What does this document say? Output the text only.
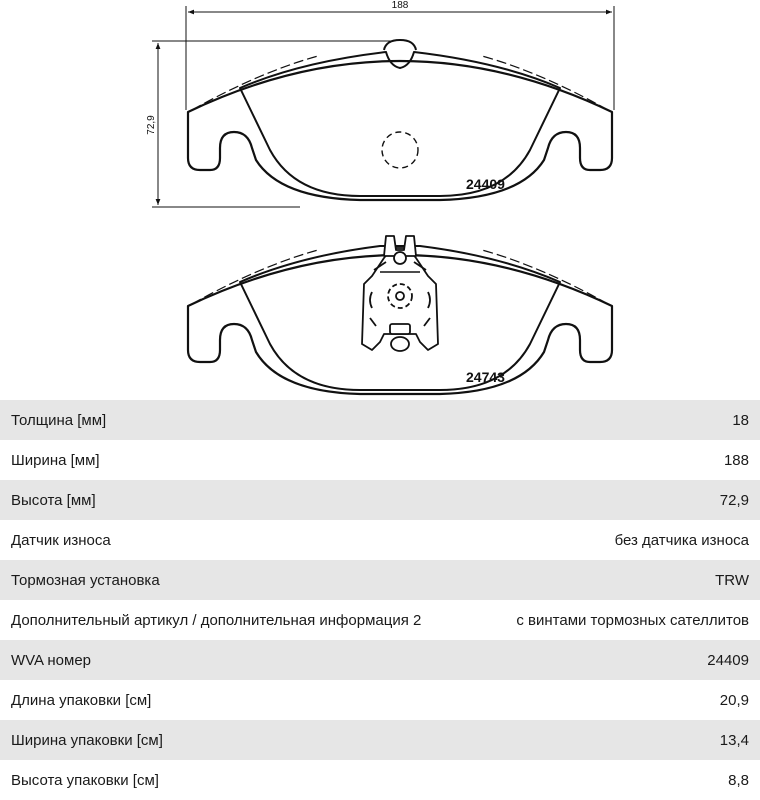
188
72,9
24409
24743
Толщина [мм]	18
Ширина [мм]	188
Высота [мм]	72,9
Датчик износа	без датчика износа
Тормозная установка	TRW
Дополнительный артикул / дополнительная информация 2	с винтами тормозных сателлитов
WVA номер	24409
Длина упаковки [см]	20,9
Ширина упаковки [см]	13,4
Высота упаковки [см]	8,8
